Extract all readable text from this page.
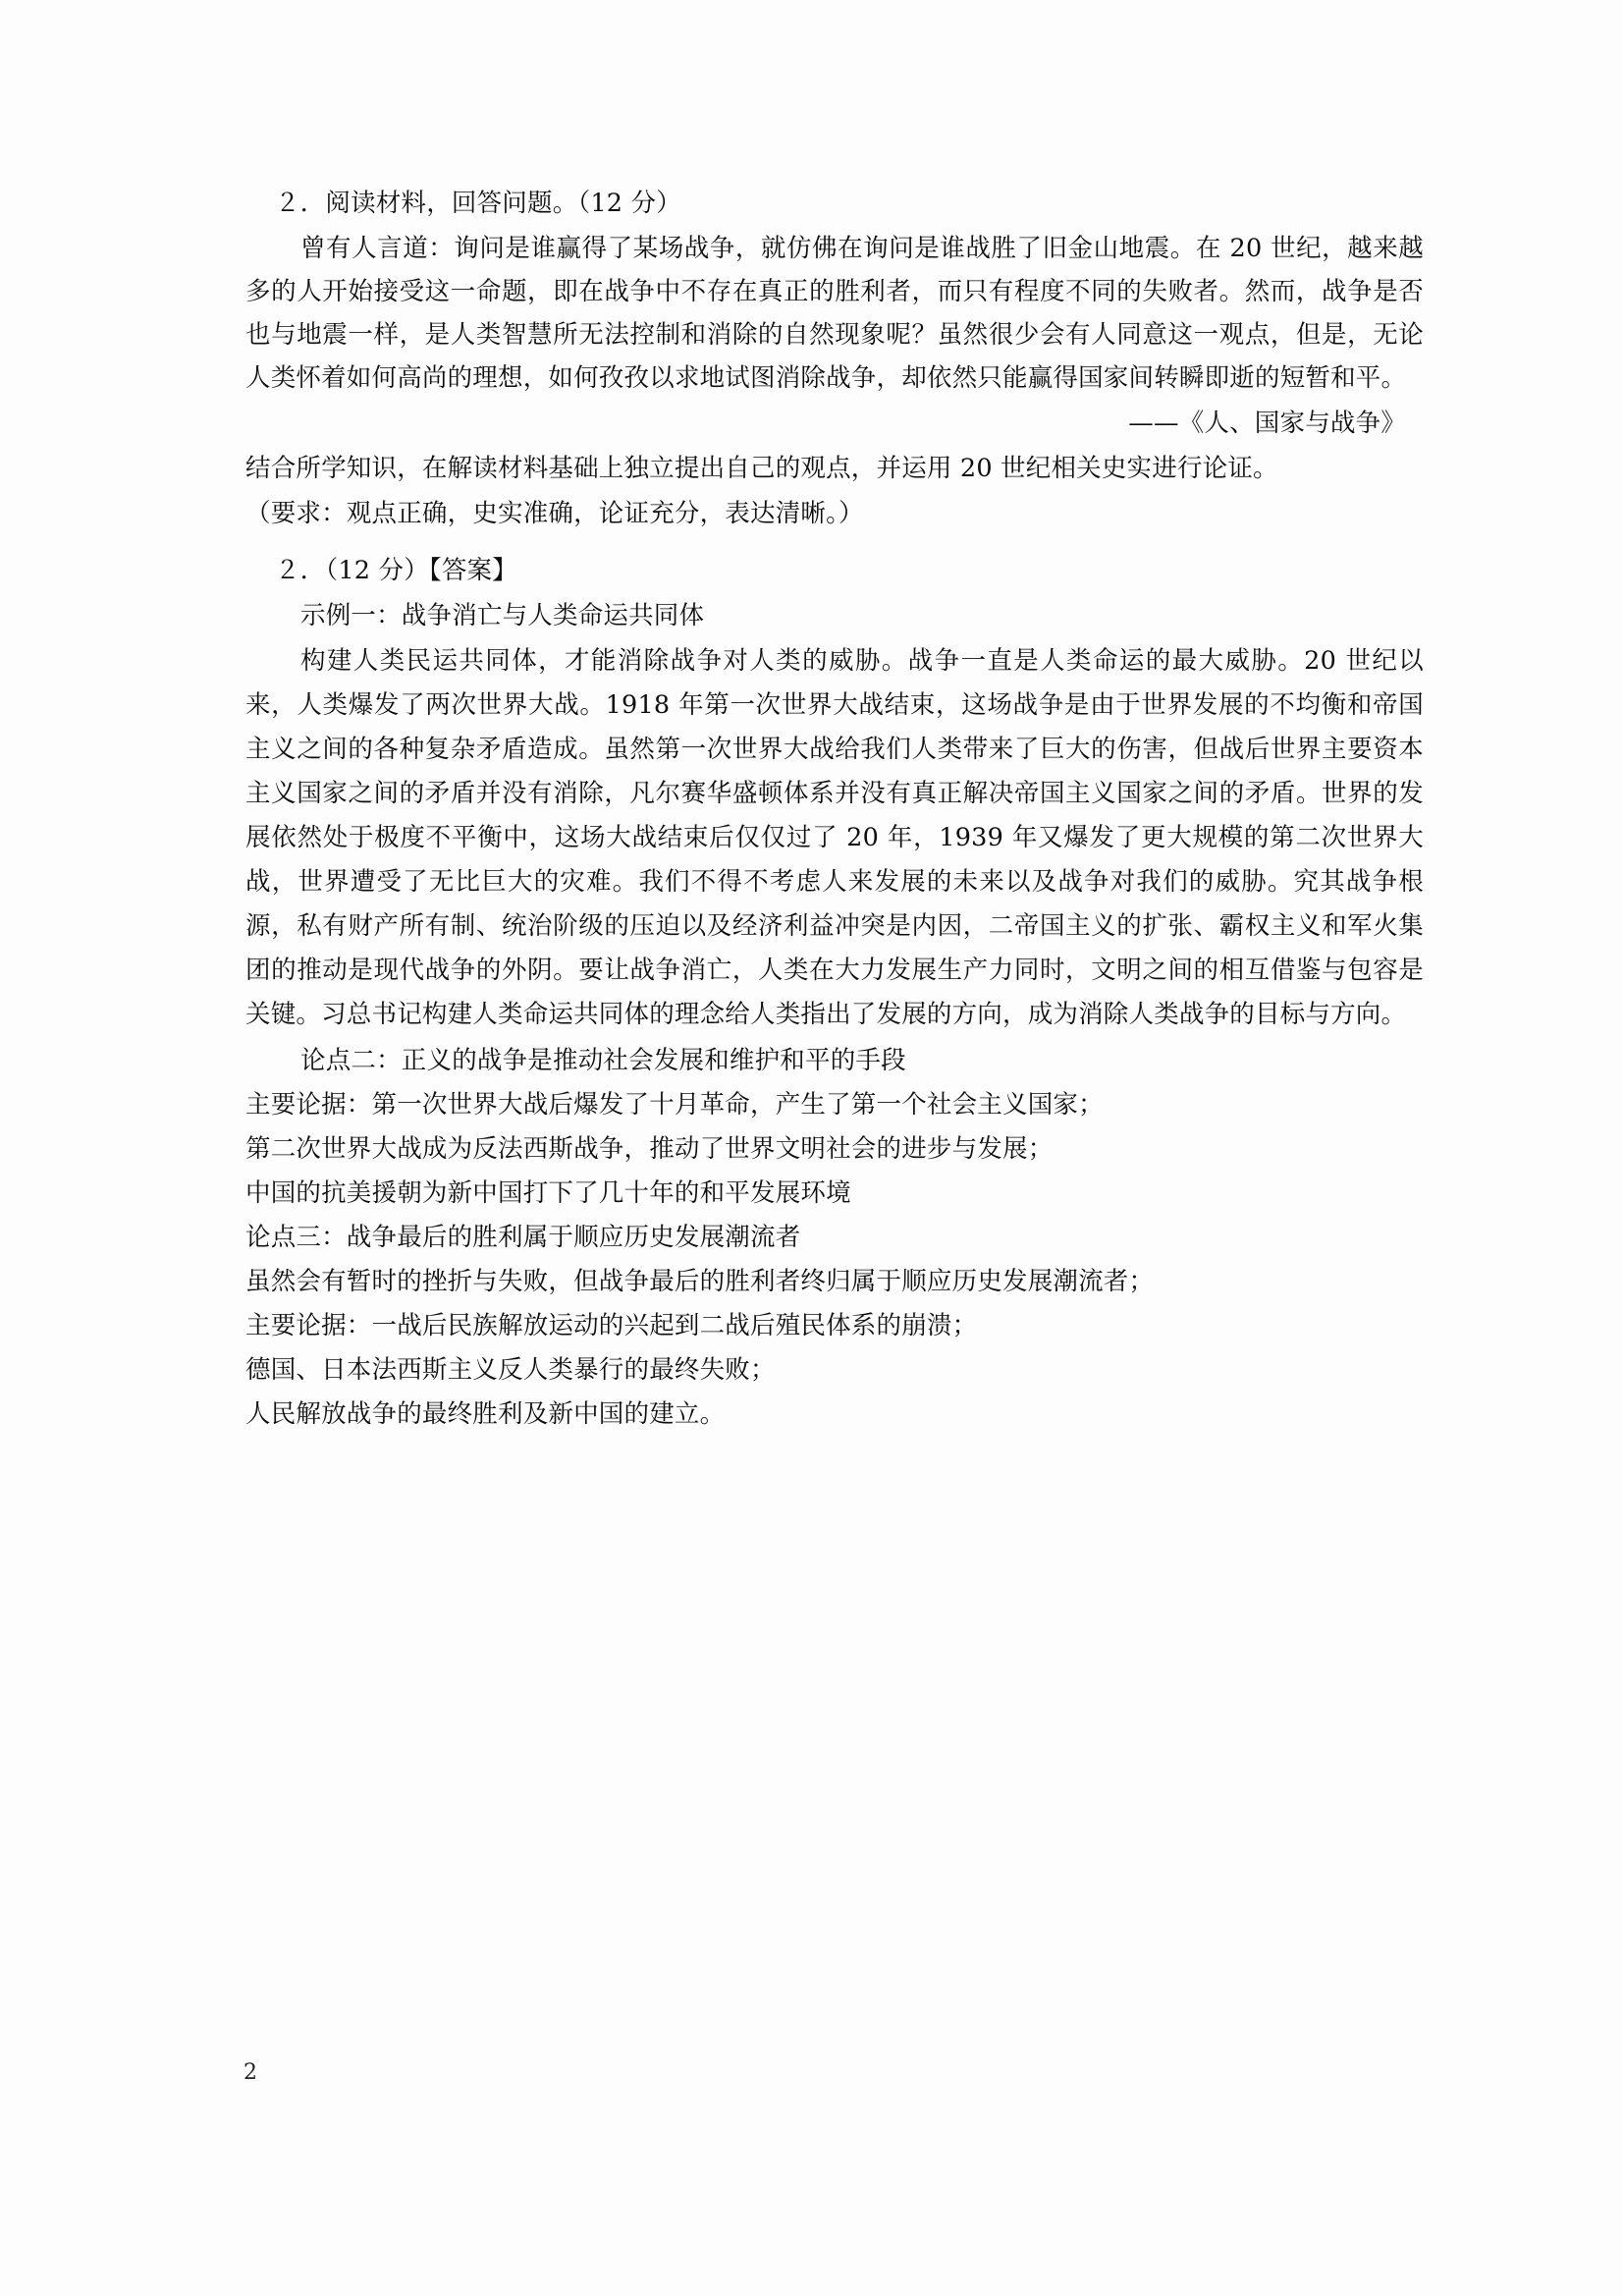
２．阅读材料，回答问题。（12 分）
曾有人言道：询问是谁赢得了某场战争，就仿佛在询问是谁战胜了旧金山地震。在 20 世纪，越来越多的人开始接受这一命题，即在战争中不存在真正的胜利者，而只有程度不同的失败者。然而，战争是否也与地震一样，是人类智慧所无法控制和消除的自然现象呢？虽然很少会有人同意这一观点，但是，无论人类怀着如何高尚的理想，如何孜孜以求地试图消除战争，却依然只能赢得国家间转瞬即逝的短暂和平。
——《人、国家与战争》
结合所学知识，在解读材料基础上独立提出自己的观点，并运用 20 世纪相关史实进行论证。
（要求：观点正确，史实准确，论证充分，表达清晰。）
２．（12 分）【答案】
示例一：战争消亡与人类命运共同体
构建人类民运共同体，才能消除战争对人类的威胁。战争一直是人类命运的最大威胁。20 世纪以来，人类爆发了两次世界大战。1918 年第一次世界大战结束，这场战争是由于世界发展的不均衡和帝国主义之间的各种复杂矛盾造成。虽然第一次世界大战给我们人类带来了巨大的伤害，但战后世界主要资本主义国家之间的矛盾并没有消除，凡尔赛华盛顿体系并没有真正解决帝国主义国家之间的矛盾。世界的发展依然处于极度不平衡中，这场大战结束后仅仅过了 20 年，1939 年又爆发了更大规模的第二次世界大战，世界遭受了无比巨大的灾难。我们不得不考虑人来发展的未来以及战争对我们的威胁。究其战争根源，私有财产所有制、统治阶级的压迫以及经济利益冲突是内因，二帝国主义的扩张、霸权主义和军火集团的推动是现代战争的外阴。要让战争消亡，人类在大力发展生产力同时，文明之间的相互借鉴与包容是关键。习总书记构建人类命运共同体的理念给人类指出了发展的方向，成为消除人类战争的目标与方向。
论点二：正义的战争是推动社会发展和维护和平的手段
主要论据：第一次世界大战后爆发了十月革命，产生了第一个社会主义国家；
第二次世界大战成为反法西斯战争，推动了世界文明社会的进步与发展；
中国的抗美援朝为新中国打下了几十年的和平发展环境
论点三：战争最后的胜利属于顺应历史发展潮流者
虽然会有暂时的挫折与失败，但战争最后的胜利者终归属于顺应历史发展潮流者；
主要论据：一战后民族解放运动的兴起到二战后殖民体系的崩溃；
德国、日本法西斯主义反人类暴行的最终失败；
人民解放战争的最终胜利及新中国的建立。
2
